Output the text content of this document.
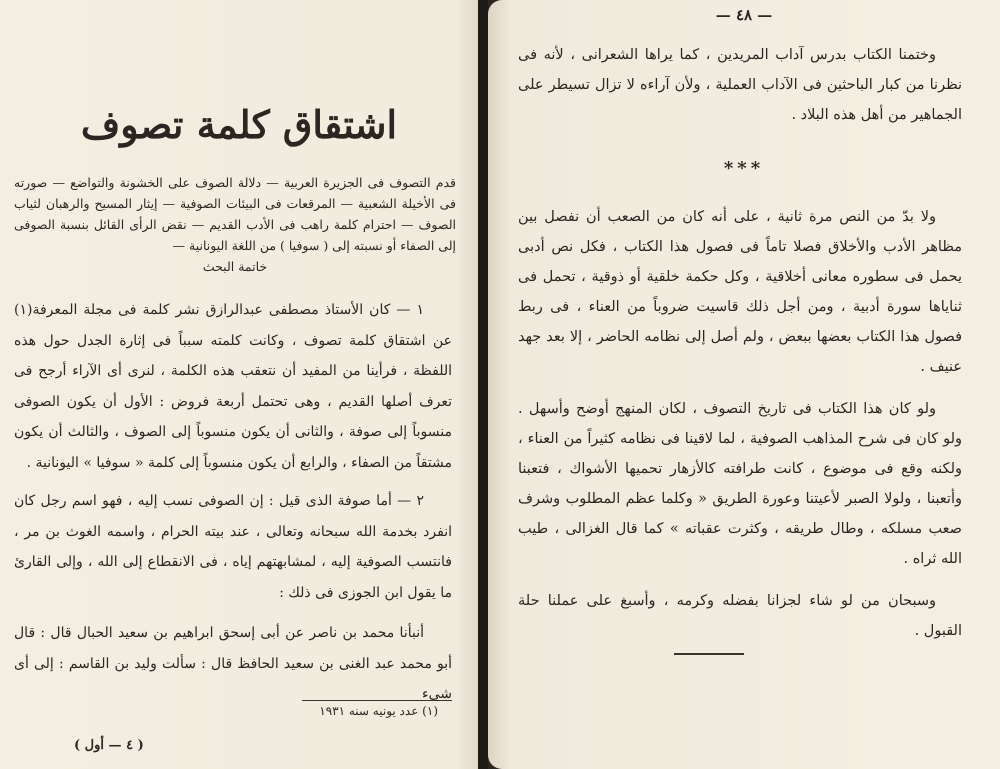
اشتقاق كلمة تصوف
قدم التصوف فى الجزيرة العربية — دلالة الصوف على الخشونة والتواضع — صورته فى الأخيلة الشعبية — المرقعات فى البيئات الصوفية — إيثار المسيح والرهبان لثياب الصوف — احترام كلمة راهب فى الأدب القديم — نقض الرأى القائل بنسبة الصوفى إلى الصفاء أو نسبته إلى ( سوفيا ) من اللغة اليونانية —
خاتمة البحث

١ — كان الأستاذ مصطفى عبدالرازق نشر كلمة فى مجلة المعرفة(١) عن اشتقاق كلمة تصوف ، وكانت كلمته سبباً فى إثارة الجدل حول هذه اللفظة ، فرأينا من المفيد أن نتعقب هذه الكلمة ، لنرى أى الآراء أرجح فى تعرف أصلها القديم ، وهى تحتمل أربعة فروض : الأول أن يكون الصوفى منسوباً إلى صوفة ، والثانى أن يكون منسوباً إلى الصوف ، والثالث أن يكون مشتقاً من الصفاء ، والرابع أن يكون منسوباً إلى كلمة « سوفيا » اليونانية .

٢ — أما صوفة الذى قيل : إن الصوفى نسب إليه ، فهو اسم رجل كان انفرد بخدمة الله سبحانه وتعالى ، عند بيته الحرام ، واسمه الغوث بن مر ، فانتسب الصوفية إليه ، لمشابهتهم إياه ، فى الانقطاع إلى الله ، وإلى القارئ ما يقول ابن الجوزى فى ذلك :

أنبأنا محمد بن ناصر عن أبى إسحق ابراهيم بن سعيد الحبال قال : قال أبو محمد عبد الغنى بن سعيد الحافظ قال : سألت وليد بن القاسم : إلى أى شىء

(١) عدد يونيه سنه ١٩٣١
( ٤ — أول )
— ٤٨ —

وختمنا الكتاب بدرس آداب المريدين ، كما يراها الشعرانى ، لأنه فى نظرنا من كبار الباحثين فى الآداب العملية ، ولأن آراءه لا تزال تسيطر على الجماهير من أهل هذه البلاد .

***

ولا بدّ من النص مرة ثانية ، على أنه كان من الصعب أن نفصل بين مظاهر الأدب والأخلاق فصلا تاماً فى فصول هذا الكتاب ، فكل نص أدبى يحمل فى سطوره معانى أخلاقية ، وكل حكمة خلقية أو ذوقية ، تحمل فى ثناياها سورة أدبية ، ومن أجل ذلك قاسيت ضروباً من العناء ، فى ربط فصول هذا الكتاب بعضها ببعض ، ولم أصل إلى نظامه الحاضر ، إلا بعد جهد عنيف .

ولو كان هذا الكتاب فى تاريخ التصوف ، لكان المنهج أوضح وأسهل . ولو كان فى شرح المذاهب الصوفية ، لما لاقينا فى نظامه كثيراً من العناء ، ولكنه وقع فى موضوع ، كانت طرافته كالأزهار تحميها الأشواك ، فتعبنا وأتعبنا ، ولولا الصبر لأعيتنا وعورة الطريق « وكلما عظم المطلوب وشرف صعب مسلكه ، وطال طريقه ، وكثرت عقباته » كما قال الغزالى ، طيب الله ثراه .

وسبحان من لو شاء لجزانا بفضله وكرمه ، وأسبغ على عملنا حلة القبول .
